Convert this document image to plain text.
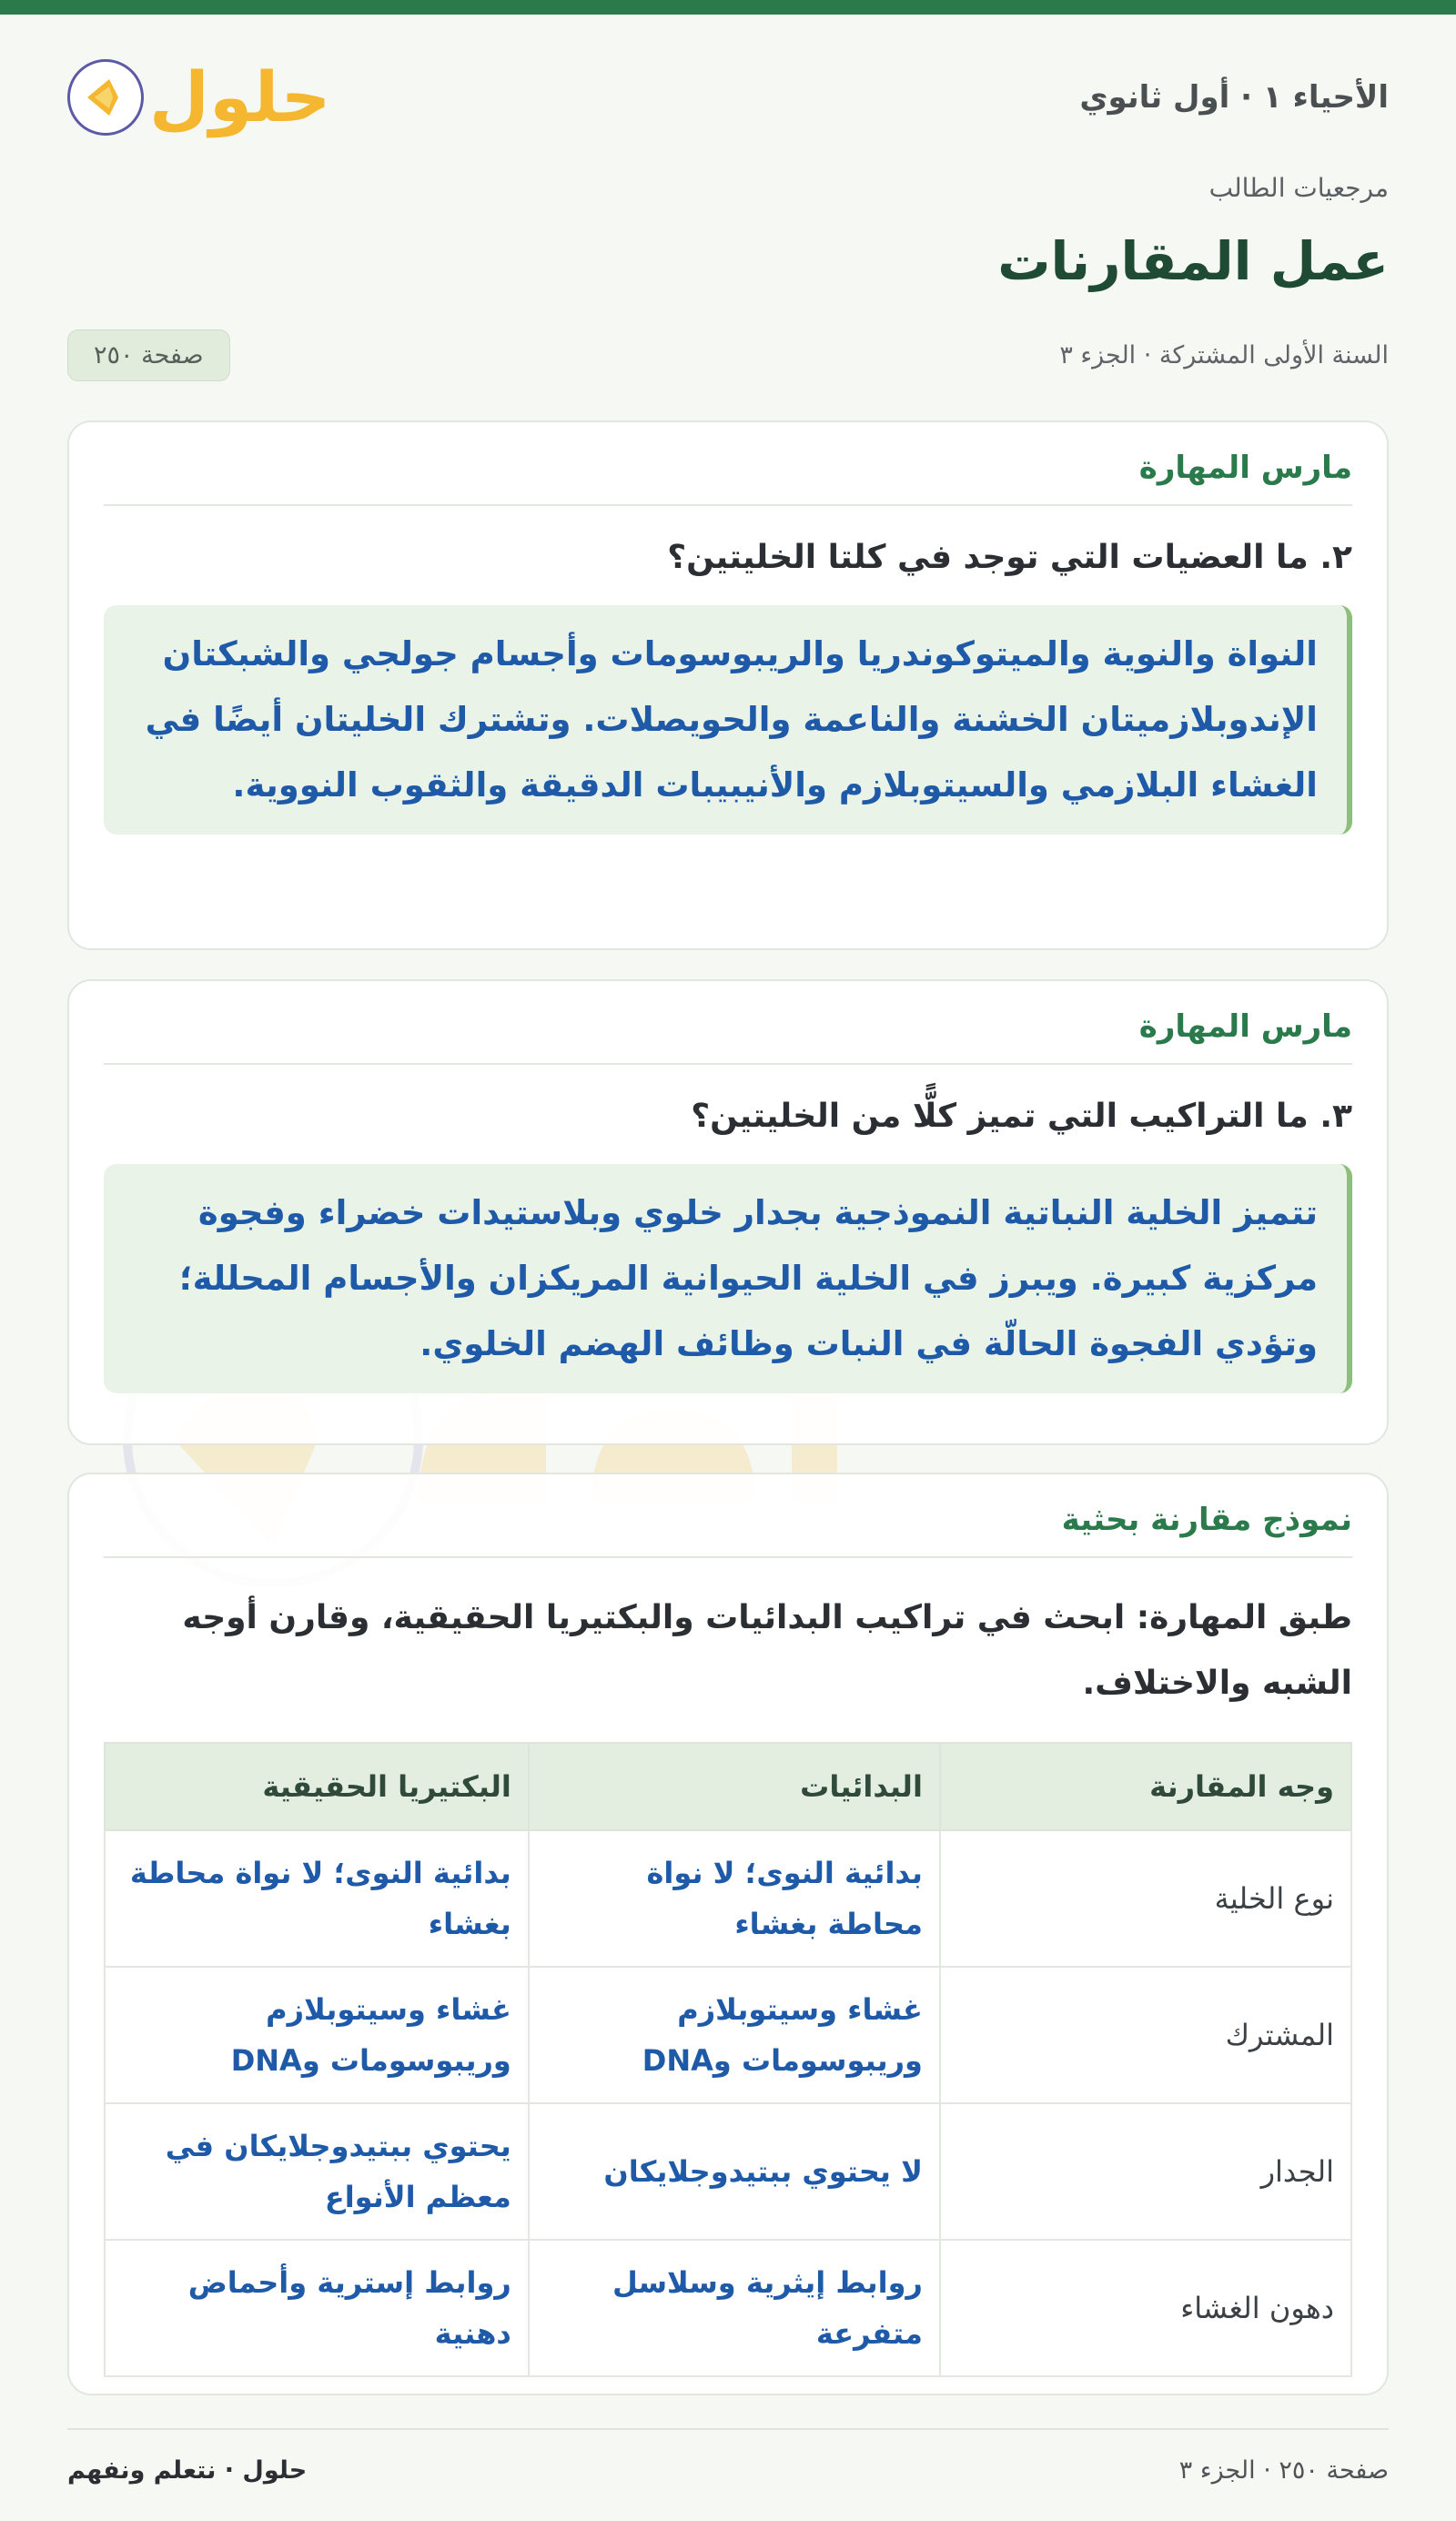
الأحياء ١ · أول ثانوي
حلول
مرجعيات الطالب
عمل المقارنات
السنة الأولى المشتركة · الجزء ٣
صفحة ٢٥٠
مارس المهارة
٢. ما العضيات التي توجد في كلتا الخليتين؟
النواة والنوية والميتوكوندريا والريبوسومات وأجسام جولجي والشبكتان الإندوبلازميتان الخشنة والناعمة والحويصلات. وتشترك الخليتان أيضًا في الغشاء البلازمي والسيتوبلازم والأنيبيبات الدقيقة والثقوب النووية.
مارس المهارة
٣. ما التراكيب التي تميز كلًّا من الخليتين؟
تتميز الخلية النباتية النموذجية بجدار خلوي وبلاستيدات خضراء وفجوة مركزية كبيرة. ويبرز في الخلية الحيوانية المريكزان والأجسام المحللة؛ وتؤدي الفجوة الحالّة في النبات وظائف الهضم الخلوي.
نموذج مقارنة بحثية
طبق المهارة: ابحث في تراكيب البدائيات والبكتيريا الحقيقية، وقارن أوجه الشبه والاختلاف.
وجه المقارنة	البدائيات	البكتيريا الحقيقية
نوع الخلية	بدائية النوى؛ لا نواة محاطة بغشاء	بدائية النوى؛ لا نواة محاطة بغشاء
المشترك	غشاء وسيتوبلازم وريبوسومات وDNA	غشاء وسيتوبلازم وريبوسومات وDNA
الجدار	لا يحتوي ببتيدوجلايكان	يحتوي ببتيدوجلايكان في معظم الأنواع
دهون الغشاء	روابط إيثرية وسلاسل متفرعة	روابط إسترية وأحماض دهنية
صفحة ٢٥٠ · الجزء ٣
حلول · نتعلم ونفهم
